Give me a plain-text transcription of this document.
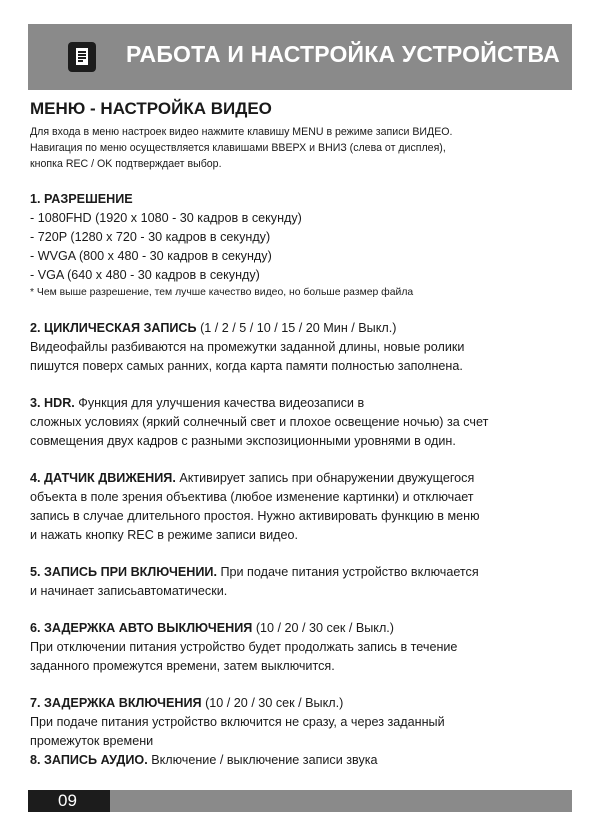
РАБОТА И НАСТРОЙКА УСТРОЙСТВА
МЕНЮ - НАСТРОЙКА ВИДЕО
Для входа в меню настроек видео нажмите клавишу MENU в режиме записи ВИДЕО.
Навигация по меню осуществляется клавишами ВВЕРХ и ВНИЗ (слева от дисплея),
кнопка REC / OK подтверждает выбор.
1. РАЗРЕШЕНИЕ
- 1080FHD (1920 x 1080 - 30 кадров в секунду)
- 720P (1280 x 720 - 30 кадров в секунду)
- WVGA (800 x 480 - 30 кадров в секунду)
- VGA (640 x 480 - 30 кадров в секунду)
* Чем выше разрешение, тем лучше качество видео, но больше размер файла
2. ЦИКЛИЧЕСКАЯ ЗАПИСЬ (1 / 2 / 5 / 10 / 15 / 20 Мин / Выкл.)
Видеофайлы разбиваются на промежутки заданной длины, новые ролики
пишутся поверх самых ранних, когда карта памяти полностью заполнена.
3. HDR. Функция для улучшения качества видеозаписи в
сложных условиях (яркий солнечный свет и плохое освещение ночью) за счет
совмещения двух кадров с разными экспозиционными уровнями в один.
4. ДАТЧИК ДВИЖЕНИЯ. Активирует запись при обнаружении двужущегося
объекта в поле зрения объектива (любое изменение картинки) и отключает
запись в случае длительного простоя. Нужно активировать функцию в меню
и нажать кнопку REC в режиме записи видео.
5. ЗАПИСЬ ПРИ ВКЛЮЧЕНИИ. При подаче питания устройство включается
и начинает записьавтоматически.
6. ЗАДЕРЖКА АВТО ВЫКЛЮЧЕНИЯ (10 / 20 / 30 сек / Выкл.)
При отключении питания устройство будет продолжать запись в течение
заданного промежутся времени, затем выключится.
7. ЗАДЕРЖКА ВКЛЮЧЕНИЯ (10 / 20 / 30 сек / Выкл.)
При подаче питания устройство включится не сразу, а через заданный
промежуток времени
8. ЗАПИСЬ АУДИО. Включение / выключение записи звука
09
